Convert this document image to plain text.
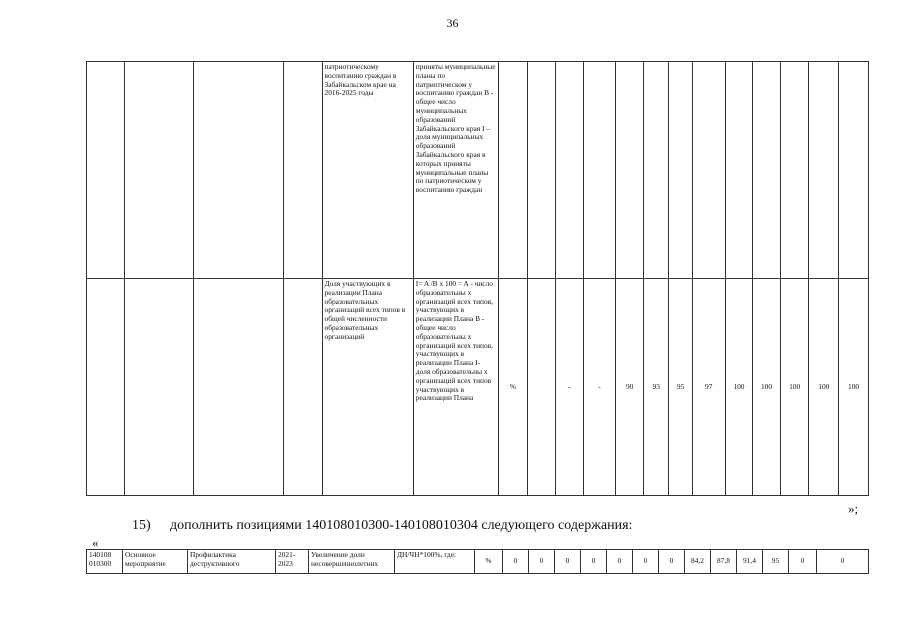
36
				патриотическому воспитанию граждан в Забайкальском крае на 2016-2025 годы	приняты муниципальные планы по патриотическом у воспитанию граждан В - общее число муниципальных образований Забайкальского края I – доля муниципальных образований Забайкальского края в которых приняты муниципальные планы по патриотическом у воспитанию граждан													
				Доля участвующих в реализации Плана образовательных организаций всех типов в общей численности образовательных организаций	I= A /B x 100 = A - число образовательны х организаций всех типов, участвующих в реализации Плана В - общее число образовательны х организаций всех типов, участвующих в реализации Плана I- доля образовательны х организаций всех типов участвующих в реализации Плана	%		-	-	90	93	95	97	100	100	100	100	100
»;
15) дополнить позициями 140108010300-140108010304 следующего содержания:
«
140108 010300	Основное мероприятие	Профилактика деструктивного	2021-2023	Увеличение доли несовершеннолетних	ДН/ЧН*100%, где:	%	0	0	0	0	0	0	0	84,2	87,8	91,4	95	0	0
